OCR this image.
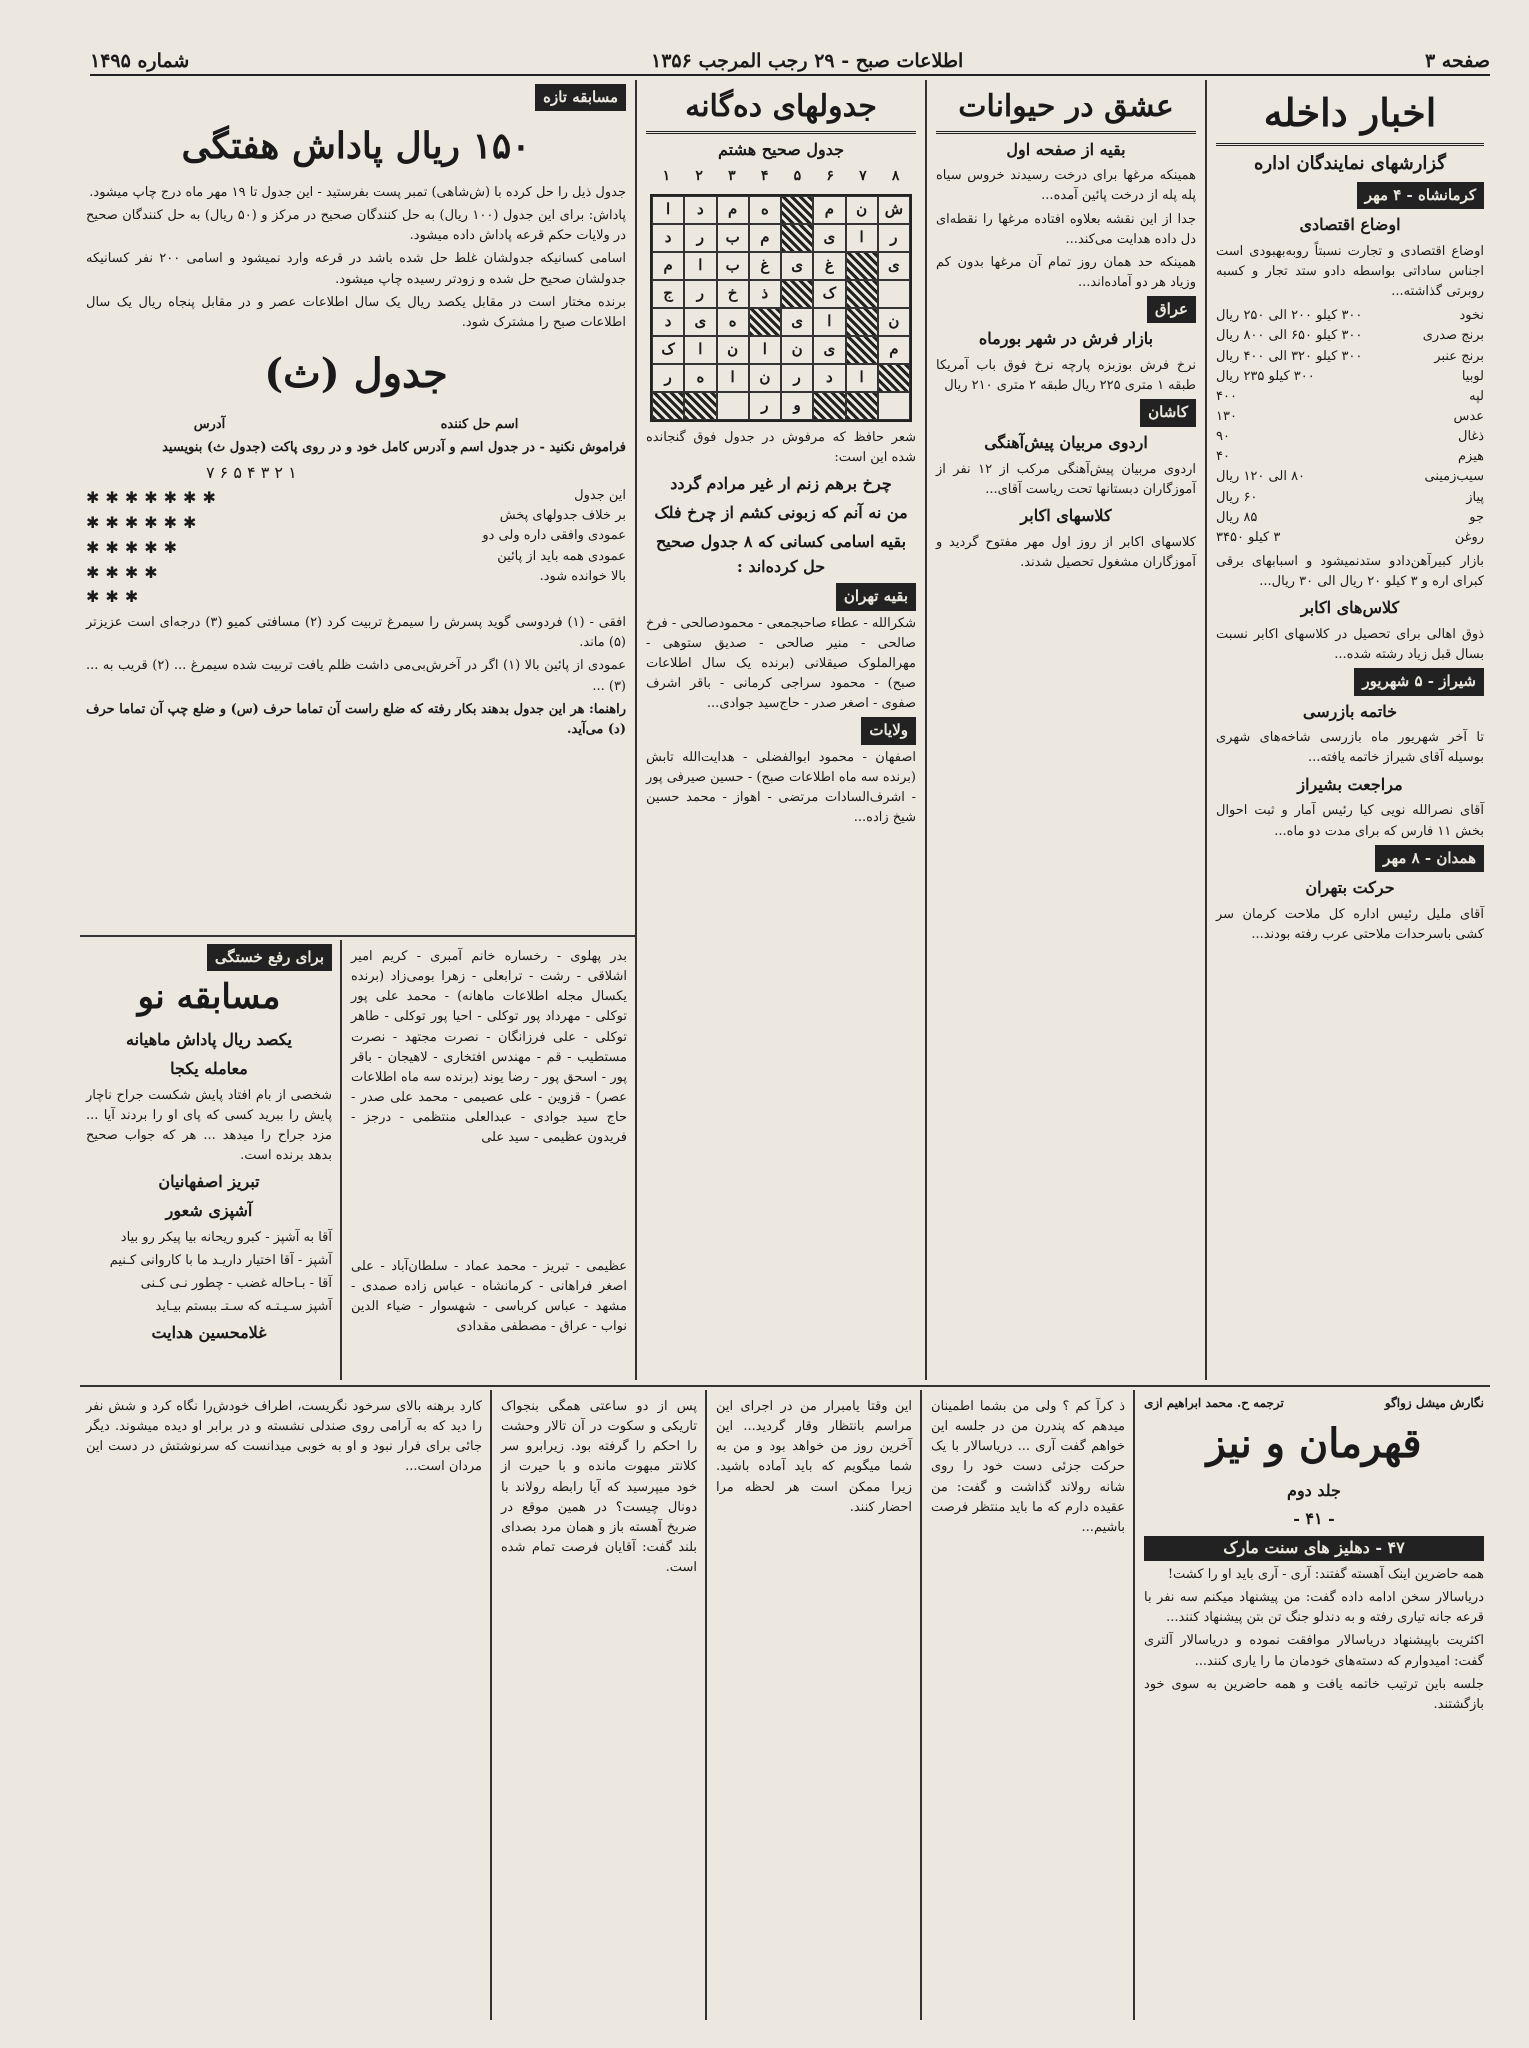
صفحه ۳
اطلاعات صبح - ۲۹ رجب المرجب ۱۳۵۶
شماره ۱۴۹۵
اخبار داخله
گزارشهای نمایندگان اداره
کرمانشاه - ۴ مهر
اوضاع اقتصادی
اوضاع اقتصادی و تجارت نسبتاً روبه‌بهبودی است اجناس ساداتی بواسطه دادو ستد تجار و کسبه روبرتی گذاشته...
نخود
۳۰۰ کیلو ۲۰۰ الی ۲۵۰ ریال
برنج صدری
۳۰۰ کیلو ۶۵۰ الی ۸۰۰ ریال
برنج عنبر
۳۰۰ کیلو ۳۲۰ الی ۴۰۰ ریال
لوبیا
۳۰۰ کیلو ۲۳۵ ریال
لپه
۴۰۰
عدس
۱۳۰
ذغال
۹۰
هیزم
۴۰
سیب‌زمینی
۸۰ الی ۱۲۰ ریال
پیاز
۶۰ ریال
جو
۸۵ ریال
روغن
۳ کیلو ۳۴۵۰
بازار کبیرآهن‌دادو ستدنمیشود و اسبابهای برقی کبرای اره و ۳ کیلو ۲۰ ریال الی ۳۰ ریال...
کلاس‌های اکابر
ذوق اهالی برای تحصیل در کلاسهای اکابر نسبت بسال قبل زیاد رشته شده...
شیراز - ۵ شهریور
خاتمه بازرسی
تا آخر شهریور ماه بازرسی شاخه‌های شهری بوسیله آقای شیراز خاتمه یافته...
مراجعت بشیراز
آقای نصرالله نویی کیا رئیس آمار و ثبت احوال بخش ۱۱ فارس که برای مدت دو ماه...
همدان - ۸ مهر
حرکت بتهران
آقای ملیل رئیس اداره کل ملاحت کرمان سر کشی باسرحدات ملاحتی عرب رفته بودند...
عشق در حیوانات
بقیه از صفحه اول
همینکه مرغها برای درخت رسیدند خروس سیاه پله پله از درخت پائین آمده...
جدا از این نقشه بعلاوه افتاده مرغها را نقطه‌ای دل داده هدایت می‌کند...
همینکه حد همان روز تمام آن مرغها بدون کم وزیاد هر دو آماده‌اند...
عراق
بازار فرش در شهر بورماه
نرخ فرش بوزبزه پارچه نرخ فوق باب آمریکا طبقه ۱ متری ۲۲۵ ریال طبقه ۲ متری ۲۱۰ ریال
کاشان
اردوی مربیان پیش‌آهنگی
اردوی مربیان پیش‌آهنگی مرکب از ۱۲ نفر از آموزگاران دبستانها تحت ریاست آقای...
کلاسهای اکابر
کلاسهای اکابر از روز اول مهر مفتوح گردید و آموزگاران مشغول تحصیل شدند.
جدولهای ده‌گانه
جدول صحیح هشتم
۸
۷
۶
۵
۴
۳
۲
۱
ش
ن
م
ه
م
د
ا
ر
ا
ی
م
ب
ر
د
ی
غ
ی
غ
ب
ا
م
ک
ذ
خ
ر
ج
ن
ا
ی
ه
ی
د
م
ی
ن
ا
ن
ا
ک
ا
د
ر
ن
ا
ه
ر
و
ر
شعر حافظ که مرفوش در جدول فوق گنجانده شده این است:
چرخ برهم زنم ار غیر مرادم گردد
من نه آنم که زبونی کشم از چرخ فلک
بقیه اسامی کسانی که ۸ جدول صحیح حل کرده‌اند :
بقیه تهران
شکرالله - عطاء صاحبجمعی - محمودصالحی - فرخ صالحی - منیر صالحی - صدیق ستوهی - مهرالملوک صیقلانی (برنده یک سال اطلاعات صبح) - محمود سراجی کرمانی - باقر اشرف صفوی - اصغر صدر - حاج‌سید جوادی...
ولایات
اصفهان - محمود ابوالفضلی - هدایت‌الله تابش (برنده سه ماه اطلاعات صبح) - حسین صیرفی پور - اشرف‌السادات مرتضی - اهواز - محمد حسین شیخ زاده...
مسابقه تازه
۱۵۰ ریال پاداش هفتگی
جدول ذیل را حل کرده با (ش‌شاهی) تمبر پست بفرستید - این جدول تا ۱۹ مهر ماه درج چاپ میشود.
پاداش: برای این جدول (۱۰۰ ریال) به حل کنندگان صحیح در مرکز و (۵۰ ریال) به حل کنندگان صحیح در ولایات حکم قرعه پاداش داده میشود.
اسامی کسانیکه جدولشان غلط حل شده باشد در قرعه وارد نمیشود و اسامی ۲۰۰ نفر کسانیکه جدولشان صحیح حل شده و زودتر رسیده چاپ میشود.
برنده مختار است در مقابل یکصد ریال یک سال اطلاعات عصر و در مقابل پنجاه ریال یک سال اطلاعات صبح را مشترک شود.
جدول (ث)
اسم حل کننده
آدرس
فراموش نکنید - در جدول اسم و آدرس کامل خود و در روی پاکت (جدول ث) بنویسید
۷ ۶ ۵ ۴ ۳ ۲ ۱
این جدول
بر خلاف جدولهای پخش
عمودی وافقی داره ولی دو
عمودی همه باید از پائین
بالا خوانده شود.
✱✱✱✱✱✱✱
✱✱✱✱✱✱
✱✱✱✱✱
✱✱✱✱
✱✱✱
افقی - (۱) فردوسی گوید پسرش را سیمرغ تربیت کرد (۲) مسافتی کمیو (۳) درجه‌ای است عزیزتر (۵) ماند.
عمودی از پائین بالا (۱) اگر در آخرش‌بی‌می داشت ظلم یافت تربیت شده سیمرغ ... (۲) قریب به ... (۳) ...
راهنما: هر این جدول بدهند بکار رفته که ضلع راست آن تماما حرف (س) و ضلع چپ آن تماما حرف (د) می‌آید.
بدر پهلوی - رخساره خانم آمبری - کریم امیر اشلاقی - رشت - ترابعلی - زهرا بومی‌زاد (برنده یکسال مجله اطلاعات ماهانه) - محمد علی پور توکلی - مهرداد پور توکلی - احیا پور توکلی - طاهر توکلی - علی فرزانگان - نصرت مجتهد - نصرت مستطیب - قم - مهندس افتخاری - لاهیجان - باقر پور - اسحق پور - رضا یوند (برنده سه ماه اطلاعات عصر) - قزوین - علی عصیمی - محمد علی صدر - حاج سید جوادی - عبدالعلی منتظمی - درجز - فریدون عظیمی - سید علی
عظیمی - تبریز - محمد عماد - سلطان‌آباد - علی اصغر فراهانی - کرمانشاه - عباس زاده صمدی - مشهد - عباس کرباسی - شهسوار - ضیاء الدین نواب - عراق - مصطفی مقدادی
برای رفع خستگی
مسابقه نو
یکصد ریال پاداش ماهیانه
معامله یکجا
شخصی از بام افتاد پایش شکست جراح ناچار پایش را ببرید کسی که پای او را بردند آیا ... مزد جراح را میدهد ... هر که جواب صحیح بدهد برنده است.
تبریز اصفهانیان
آشپزی شعور
آقا به آشپز - کبرو ریحانه بیا پیکر رو بیاد
آشپز - آقا اختیار داریـد ما با کاروانی کـنیم
آقا - بـاحاله غضب - چطور نـی کـنی
آشپز سـیـتـه که سـتـ ببستم بیـاید
غلامحسین هدایت
نگارش میشل زواگو
ترجمه ح. محمد ابراهیم ازی
قهرمان و نیز
جلد دوم
- ۴۱ -
۴۷ - دهلیز های سنت مارک
همه حاضرین اینک آهسته گفتند: آری - آری باید او را کشت!
دریاسالار سخن ادامه داده گفت: من پیشنهاد میکنم سه نفر با قرعه جانه تیاری رفته و به دندلو جنگ تن بتن پیشنهاد کنند...
اکثریت باپیشنهاد دریاسالار موافقت نموده و دریاسالار آلتری گفت: امیدوارم که دسته‌های خودمان ما را یاری کنند...
جلسه باین ترتیب خاتمه یافت و همه حاضرین به سوی خود بازگشتند.
ذ کرآ کم ؟ ولی من بشما اطمینان میدهم که پندرن من در جلسه این خواهم گفت آری ... دریاسالار با یک حرکت جزئی دست خود را روی شانه رولاند گذاشت و گفت: من عقیده دارم که ما باید منتظر فرصت باشیم...
این وقتا یامبرار من در اجرای این مراسم بانتظار وقار گردید... این آخرین روز من خواهد بود و من به شما میگویم که باید آماده باشید. زیرا ممکن است هر لحظه مرا احضار کنند.
پس از دو ساعتی همگی بنجواک تاریکی و سکوت در آن تالار وحشت را احکم را گرفته بود. زیرابرو سر کلانتر مبهوت مانده و با حیرت از خود میپرسید که آیا رابطه رولاند با دونال چیست؟ در همین موقع در ضربخ آهسته باز و همان مرد بصدای بلند گفت: آقایان فرصت تمام شده است.
کارد برهنه بالای سرخود نگریست، اطراف خودش‌را نگاه کرد و شش نفر را دید که به آرامی روی صندلی نشسته و در برابر او دیده میشوند. دیگر جائی برای فرار نبود و او به خوبی میدانست که سرنوشتش در دست این مردان است...
